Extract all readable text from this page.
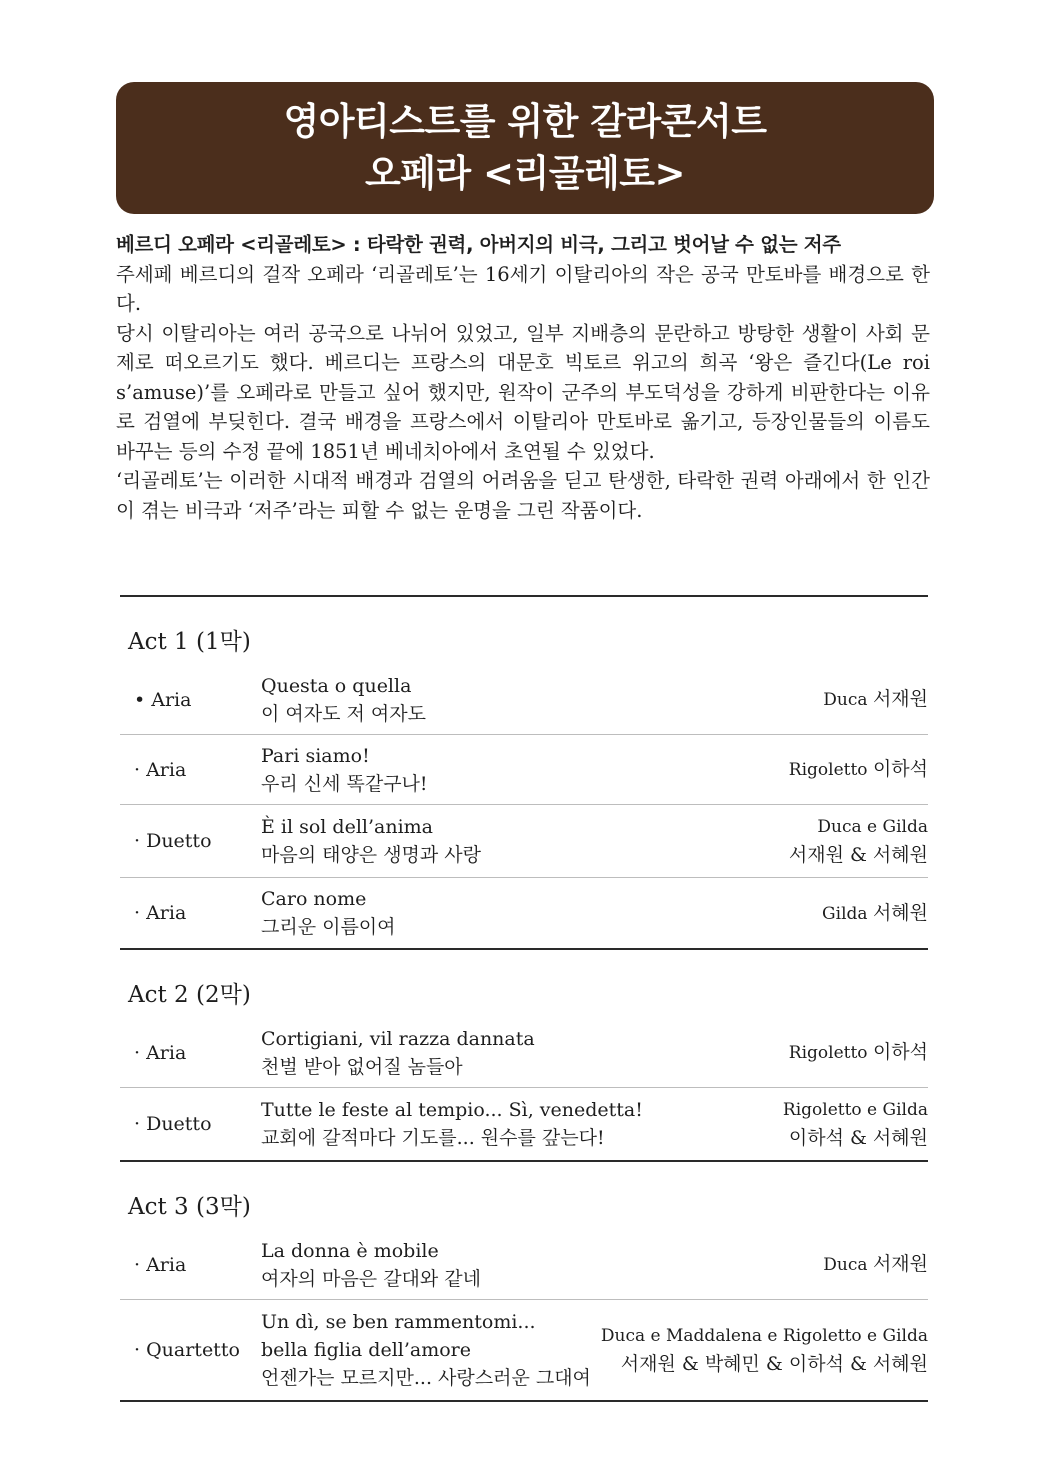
영아티스트를 위한 갈라콘서트
오페라 <리골레토>
베르디 오페라 <리골레토> : 타락한 권력, 아버지의 비극, 그리고 벗어날 수 없는 저주

주세페 베르디의 걸작 오페라 ‘리골레토’는 16세기 이탈리아의 작은 공국 만토바를 배경으로 한다.

당시 이탈리아는 여러 공국으로 나뉘어 있었고, 일부 지배층의 문란하고 방탕한 생활이 사회 문제로 떠오르기도 했다. 베르디는 프랑스의 대문호 빅토르 위고의 희곡 ‘왕은 즐긴다(Le roi s’amuse)’를 오페라로 만들고 싶어 했지만, 원작이 군주의 부도덕성을 강하게 비판한다는 이유로 검열에 부딪힌다. 결국 배경을 프랑스에서 이탈리아 만토바로 옮기고, 등장인물들의 이름도 바꾸는 등의 수정 끝에 1851년 베네치아에서 초연될 수 있었다.

‘리골레토’는 이러한 시대적 배경과 검열의 어려움을 딛고 탄생한, 타락한 권력 아래에서 한 인간이 겪는 비극과 ‘저주’라는 피할 수 없는 운명을 그린 작품이다.

Act 1 (1막)
• Aria
Questa o quella
이 여자도 저 여자도
Duca 서재원
· Aria
Pari siamo!
우리 신세 똑같구나!
Rigoletto 이하석
· Duetto
È il sol dell’anima
마음의 태양은 생명과 사랑
Duca e Gilda
서재원 & 서혜원
· Aria
Caro nome
그리운 이름이여
Gilda 서혜원
Act 2 (2막)
· Aria
Cortigiani, vil razza dannata
천벌 받아 없어질 놈들아
Rigoletto 이하석
· Duetto
Tutte le feste al tempio... Sì, venedetta!
교회에 갈적마다 기도를... 원수를 갚는다!
Rigoletto e Gilda
이하석 & 서혜원
Act 3 (3막)
· Aria
La donna è mobile
여자의 마음은 갈대와 같네
Duca 서재원
· Quartetto
Un dì, se ben rammentomi...
bella figlia dell’amore
언젠가는 모르지만... 사랑스러운 그대여
Duca e Maddalena e Rigoletto e Gilda
서재원 & 박혜민 & 이하석 & 서혜원
